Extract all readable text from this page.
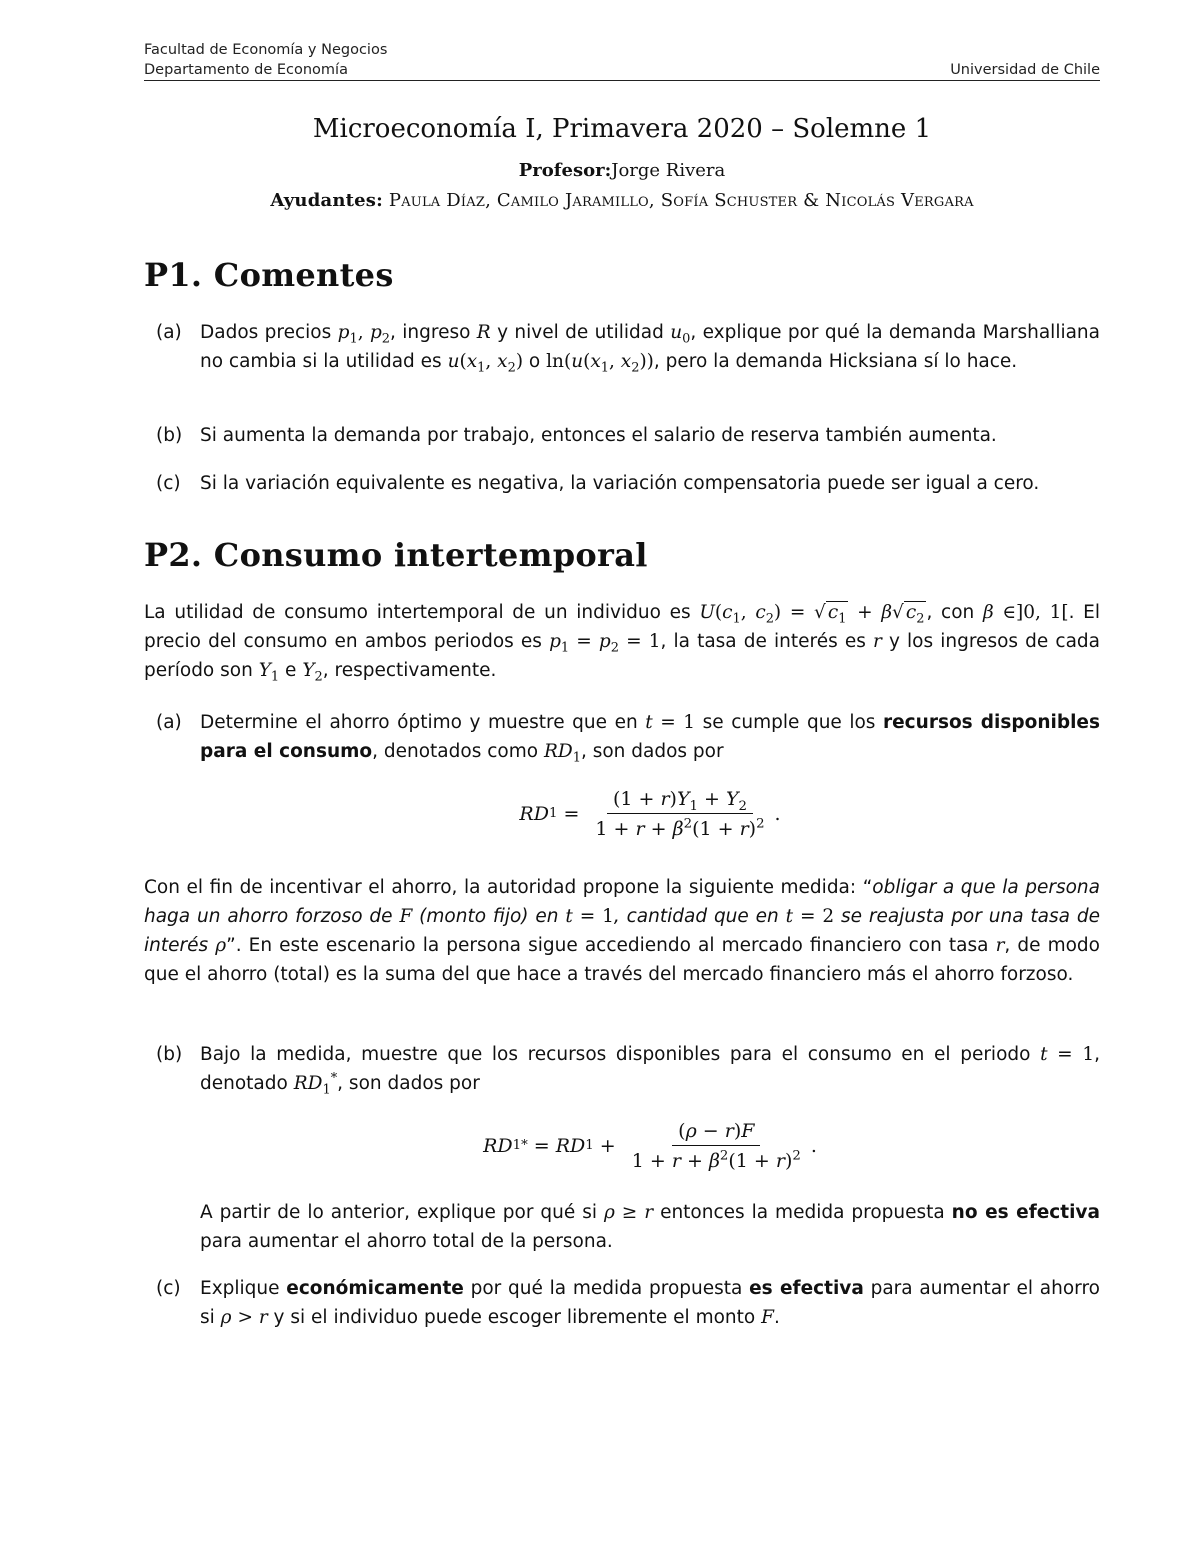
Facultad de Economía y Negocios
Departamento de Economía	Universidad de Chile
Microeconomía I, Primavera 2020 – Solemne 1
Profesor:Jorge Rivera
Ayudantes: Paula Díaz, Camilo Jaramillo, Sofía Schuster & Nicolás Vergara
P1. Comentes
(a) Dados precios $p_1$, $p_2$, ingreso R y nivel de utilidad $u_0$, explique por qué la demanda Marshalliana no cambia si la utilidad es $u(x_1$, $x_2$) o $\ln(u(x_1$, $x_2$)), pero la demanda Hicksiana sí lo hace.
(b) Si aumenta la demanda por trabajo, entonces el salario de reserva también aumenta.
(c) Si la variación equivalente es negativa, la variación compensatoria puede ser igual a cero.
P2. Consumo intertemporal
La utilidad de consumo intertemporal de un individuo es $U(c_1$, $c_2$) = √ $c_1 + \beta√$ $c_2$ , con β ∈]0, 1[. El precio del consumo en ambos periodos es $p_1 = p_2 = 1$, la tasa de interés es r y los ingresos de cada período son $Y_1$ e $Y_2$, respectivamente.
(a) Determine el ahorro óptimo y muestre que en t = 1 se cumple que los recursos disponibles para el consumo, denotados como $RD_1$, son dados por
RD $1 = \frac{(1 + r)Y_1 + Y_2}{1 + r + \beta^2(1 + r)^2}$ .
Con el fin de incentivar el ahorro, la autoridad propone la siguiente medida: “obligar a que la persona haga un ahorro forzoso de F (monto fijo) en t = 1, cantidad que en t = 2 se reajusta por una tasa de interés ρ”. En este escenario la persona sigue accediendo al mercado financiero con tasa r, de modo que el ahorro (total) es la suma del que hace a través del mercado financiero más el ahorro forzoso.
(b) Bajo la medida, muestre que los recursos disponibles para el consumo en el periodo t = 1, denotado $RD_1^*$, son dados por
RD 1 * = RD $1 + \frac{(\rho - r)F}{1 + r + \beta^2(1 + r)^2}$ .
A partir de lo anterior, explique por qué si ρ ≥ r entonces la medida propuesta no es efectiva para aumentar el ahorro total de la persona.
(c) Explique económicamente por qué la medida propuesta es efectiva para aumentar el ahorro si ρ > r y si el individuo puede escoger libremente el monto F.
